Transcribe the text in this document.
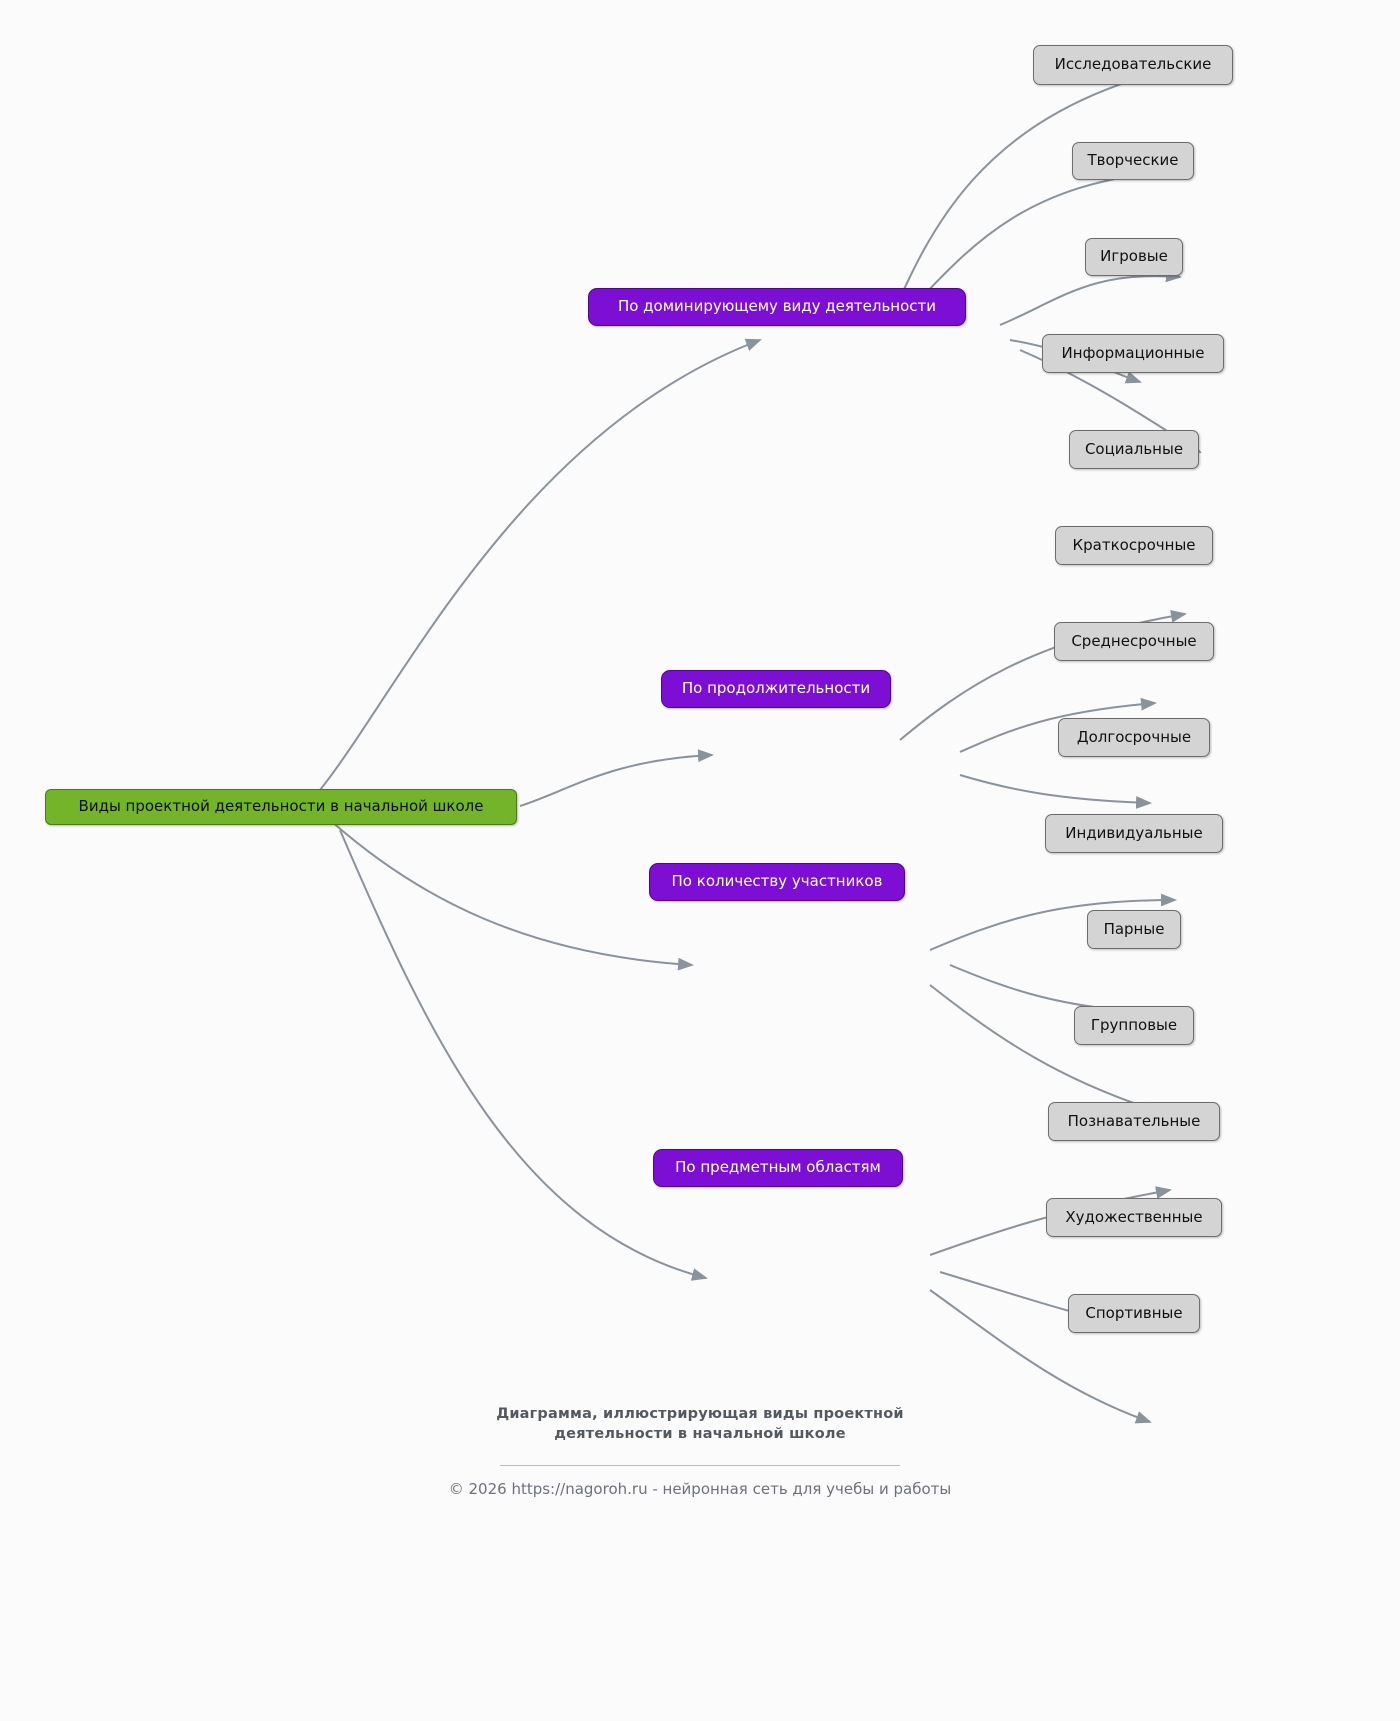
Виды проектной деятельности в начальной школе
По доминирующему виду деятельности
Исследовательские
Творческие
Игровые
Информационные
Социальные
По продолжительности
Краткосрочные
Среднесрочные
Долгосрочные
По количеству участников
Индивидуальные
Парные
Групповые
По предметным областям
Познавательные
Художественные
Спортивные
Диаграмма, иллюстрирующая виды проектной
деятельности в начальной школе
© 2026 https://nagoroh.ru - нейронная сеть для учебы и работы
